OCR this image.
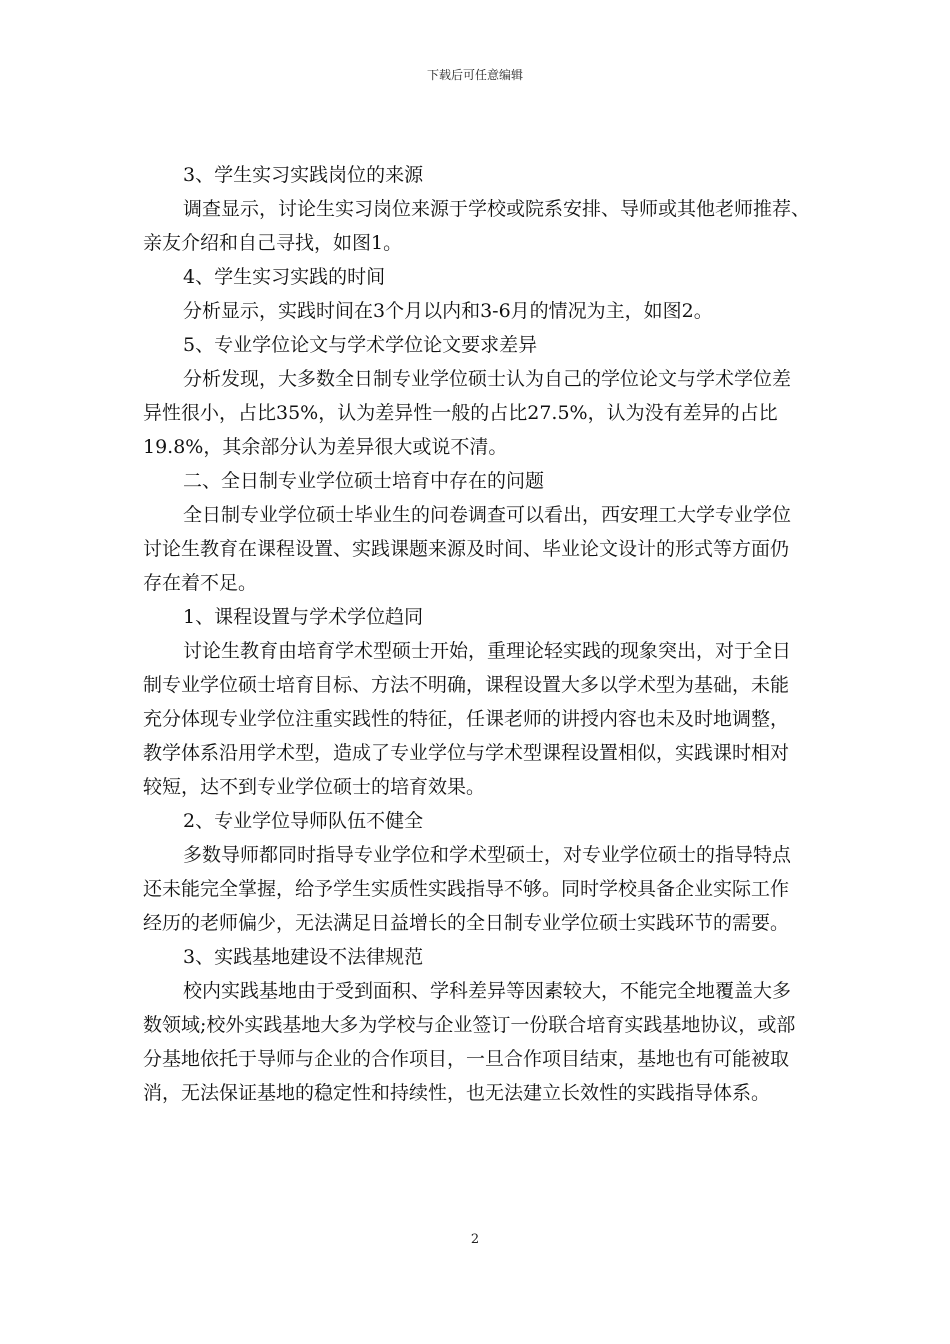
下载后可任意编辑
3、学生实习实践岗位的来源
调查显示，讨论生实习岗位来源于学校或院系安排、导师或其他老师推荐、
亲友介绍和自己寻找，如图1。
4、学生实习实践的时间
分析显示，实践时间在3个月以内和3-6月的情况为主，如图2。
5、专业学位论文与学术学位论文要求差异
分析发现，大多数全日制专业学位硕士认为自己的学位论文与学术学位差
异性很小，占比35%，认为差异性一般的占比27.5%，认为没有差异的占比
19.8%，其余部分认为差异很大或说不清。
二、全日制专业学位硕士培育中存在的问题
全日制专业学位硕士毕业生的问卷调查可以看出，西安理工大学专业学位
讨论生教育在课程设置、实践课题来源及时间、毕业论文设计的形式等方面仍
存在着不足。
1、课程设置与学术学位趋同
讨论生教育由培育学术型硕士开始，重理论轻实践的现象突出，对于全日
制专业学位硕士培育目标、方法不明确，课程设置大多以学术型为基础，未能
充分体现专业学位注重实践性的特征，任课老师的讲授内容也未及时地调整，
教学体系沿用学术型，造成了专业学位与学术型课程设置相似，实践课时相对
较短，达不到专业学位硕士的培育效果。
2、专业学位导师队伍不健全
多数导师都同时指导专业学位和学术型硕士，对专业学位硕士的指导特点
还未能完全掌握，给予学生实质性实践指导不够。同时学校具备企业实际工作
经历的老师偏少，无法满足日益增长的全日制专业学位硕士实践环节的需要。
3、实践基地建设不法律规范
校内实践基地由于受到面积、学科差异等因素较大，不能完全地覆盖大多
数领域;校外实践基地大多为学校与企业签订一份联合培育实践基地协议，或部
分基地依托于导师与企业的合作项目，一旦合作项目结束，基地也有可能被取
消，无法保证基地的稳定性和持续性，也无法建立长效性的实践指导体系。
2
